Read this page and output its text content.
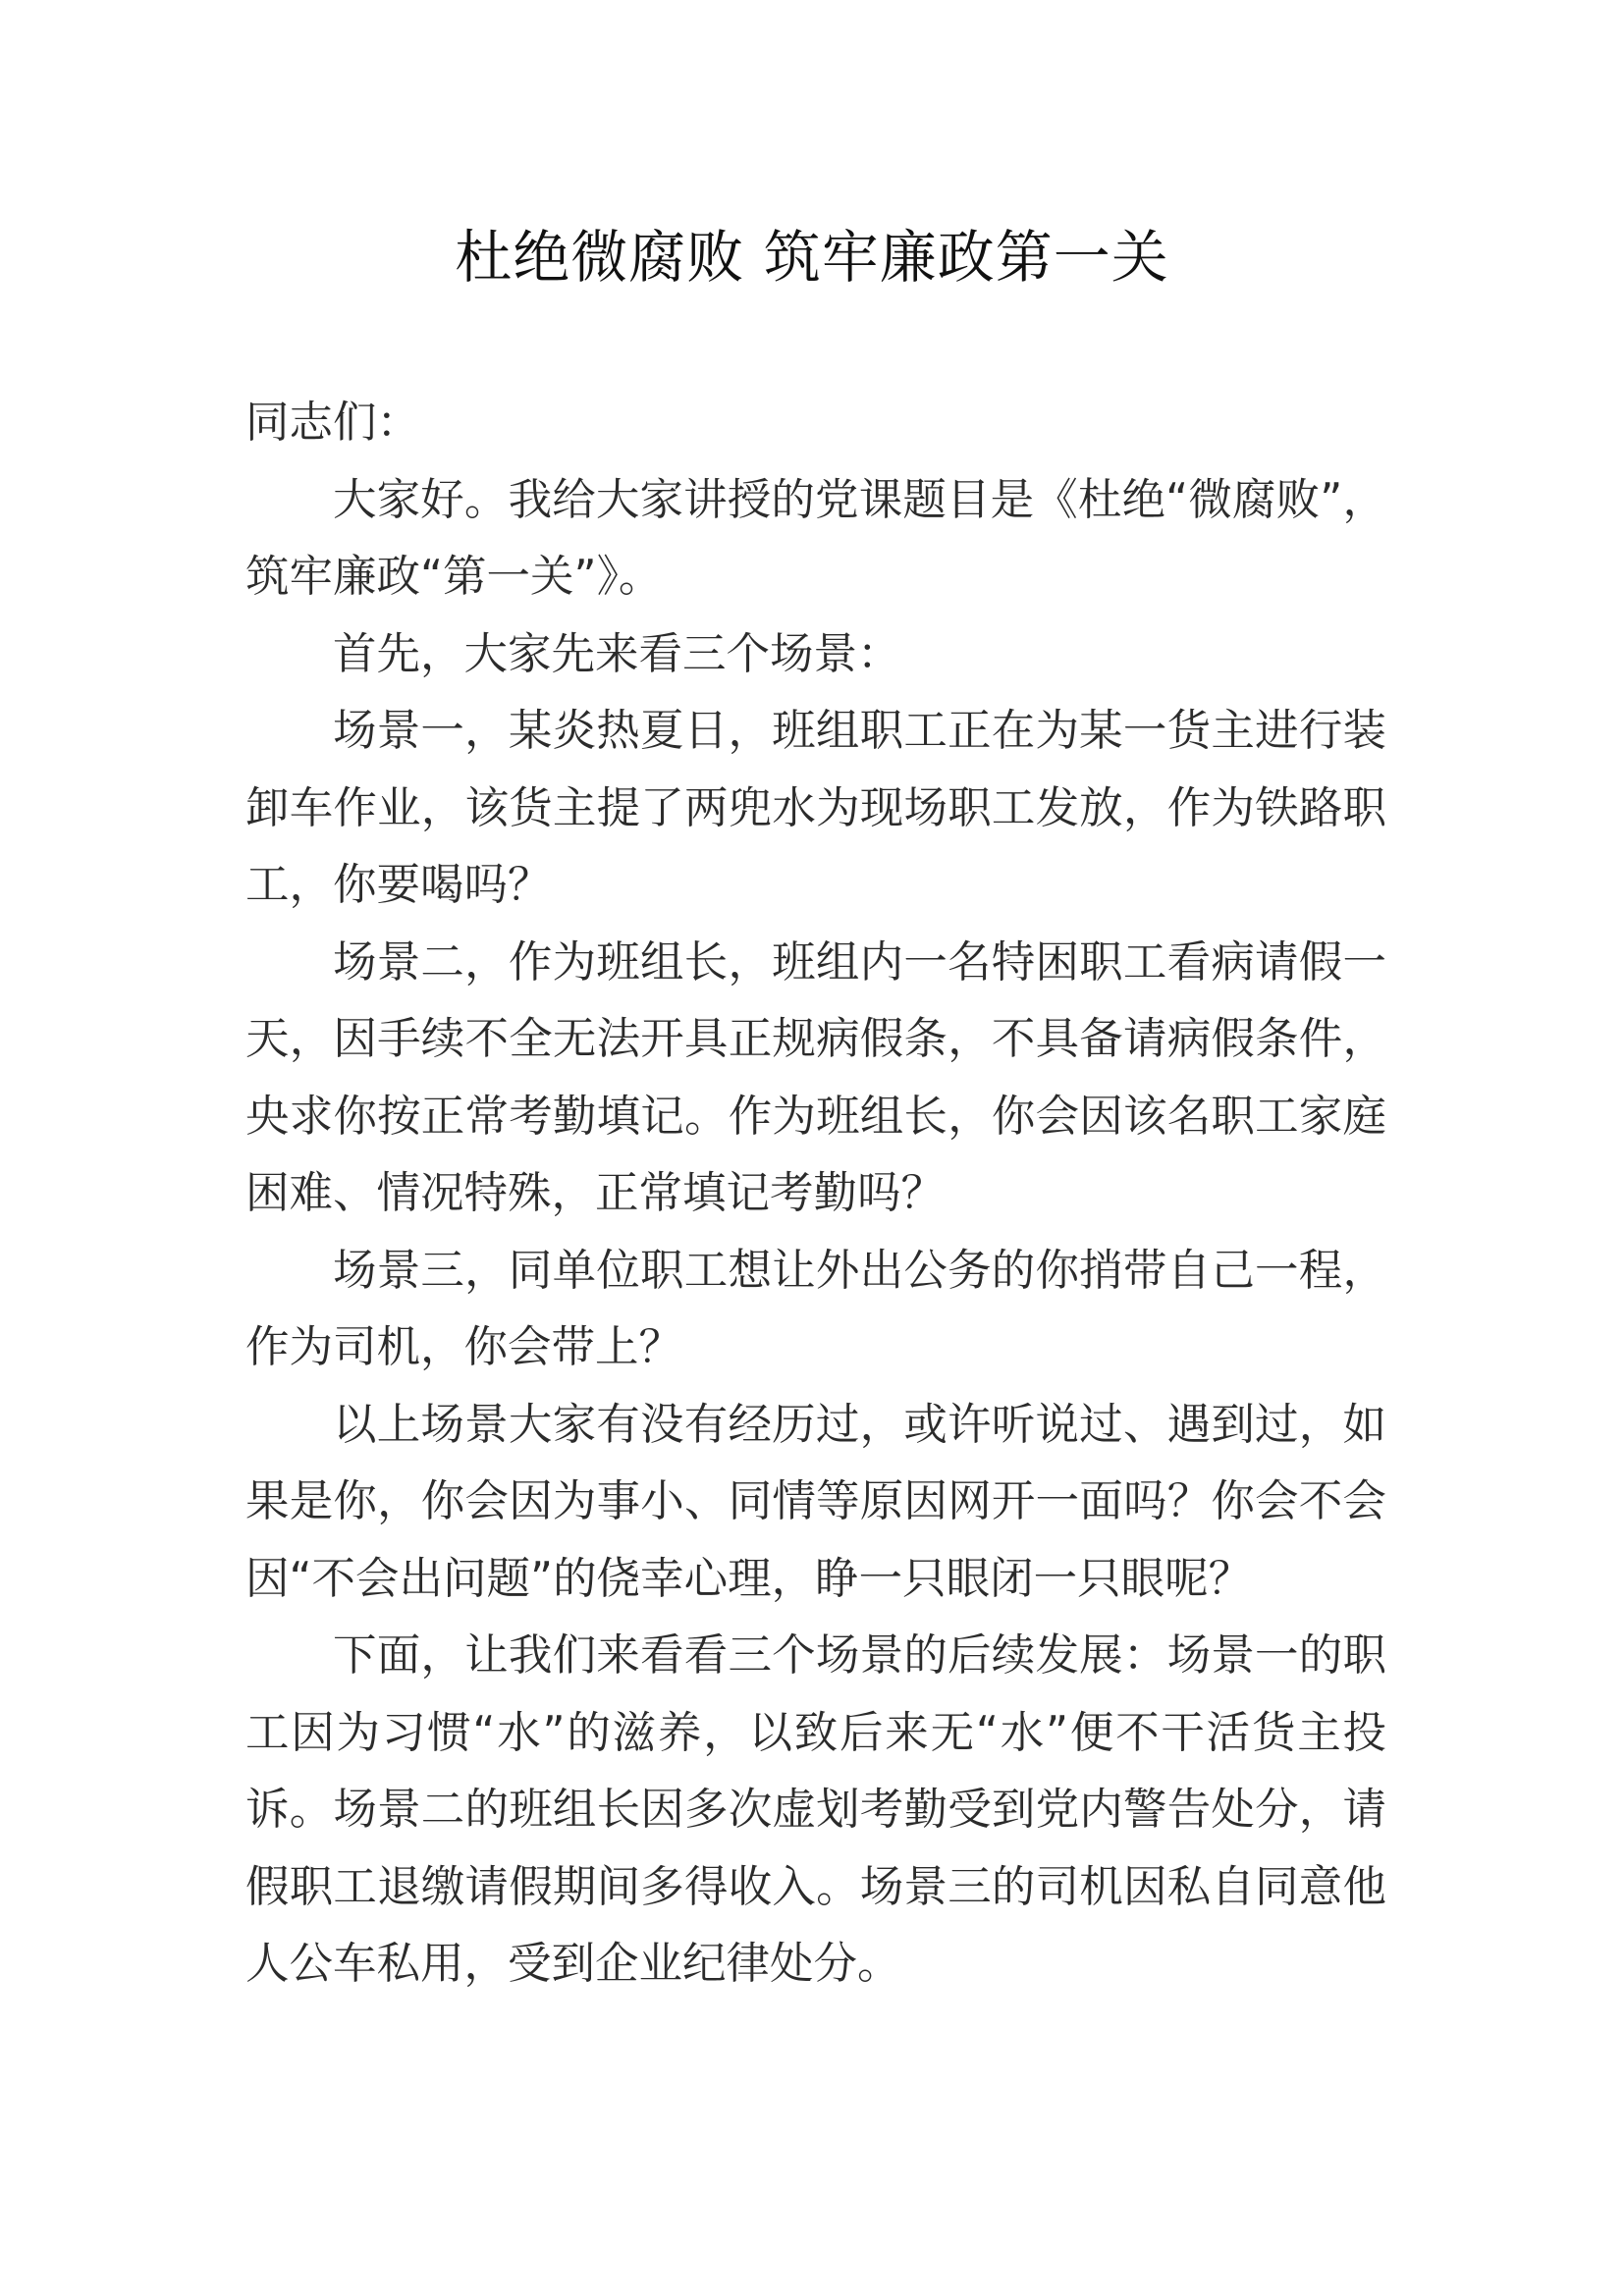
杜绝微腐败 筑牢廉政第一关

同志们：

大家好。我给大家讲授的党课题目是《杜绝“微腐败”，筑牢廉政“第一关”》。

首先，大家先来看三个场景：

场景一，某炎热夏日，班组职工正在为某一货主进行装卸车作业，该货主提了两兜水为现场职工发放，作为铁路职工，你要喝吗？

场景二，作为班组长，班组内一名特困职工看病请假一天，因手续不全无法开具正规病假条，不具备请病假条件，央求你按正常考勤填记。作为班组长，你会因该名职工家庭困难、情况特殊，正常填记考勤吗？

场景三，同单位职工想让外出公务的你捎带自己一程，作为司机，你会带上？

以上场景大家有没有经历过，或许听说过、遇到过，如果是你，你会因为事小、同情等原因网开一面吗？你会不会因“不会出问题”的侥幸心理，睁一只眼闭一只眼呢？

下面，让我们来看看三个场景的后续发展：场景一的职工因为习惯“水”的滋养，以致后来无“水”便不干活货主投诉。场景二的班组长因多次虚划考勤受到党内警告处分，请假职工退缴请假期间多得收入。场景三的司机因私自同意他人公车私用，受到企业纪律处分。
